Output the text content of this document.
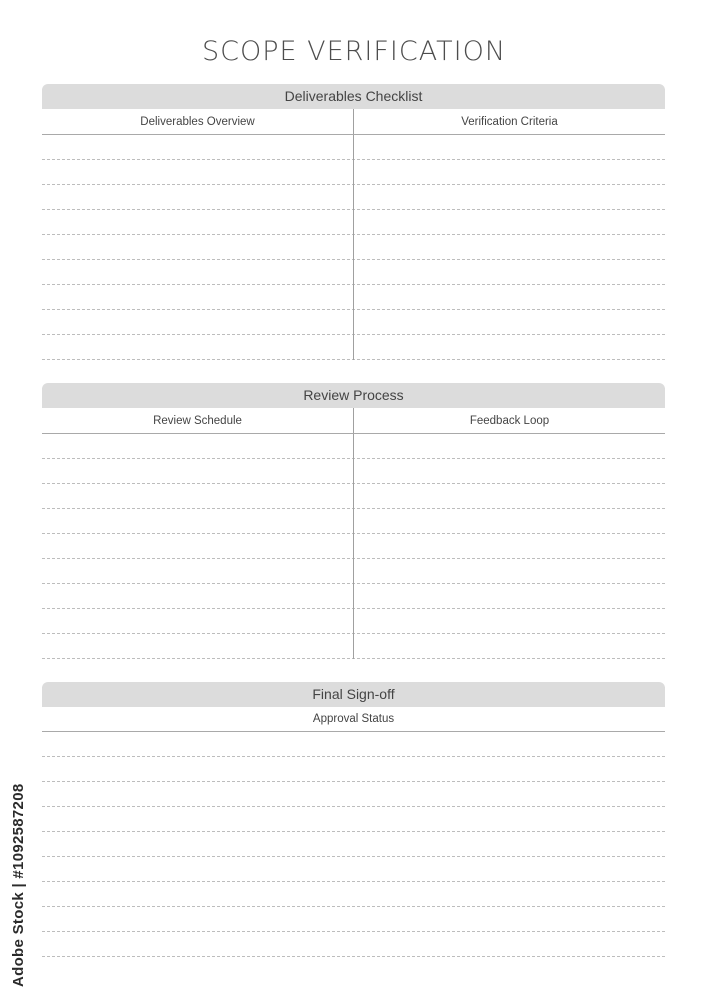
SCOPE VERIFICATION
Deliverables Checklist
Deliverables Overview	Verification Criteria
Review Process
Review Schedule	Feedback Loop
Final Sign-off
Approval Status
Adobe Stock | #1092587208
